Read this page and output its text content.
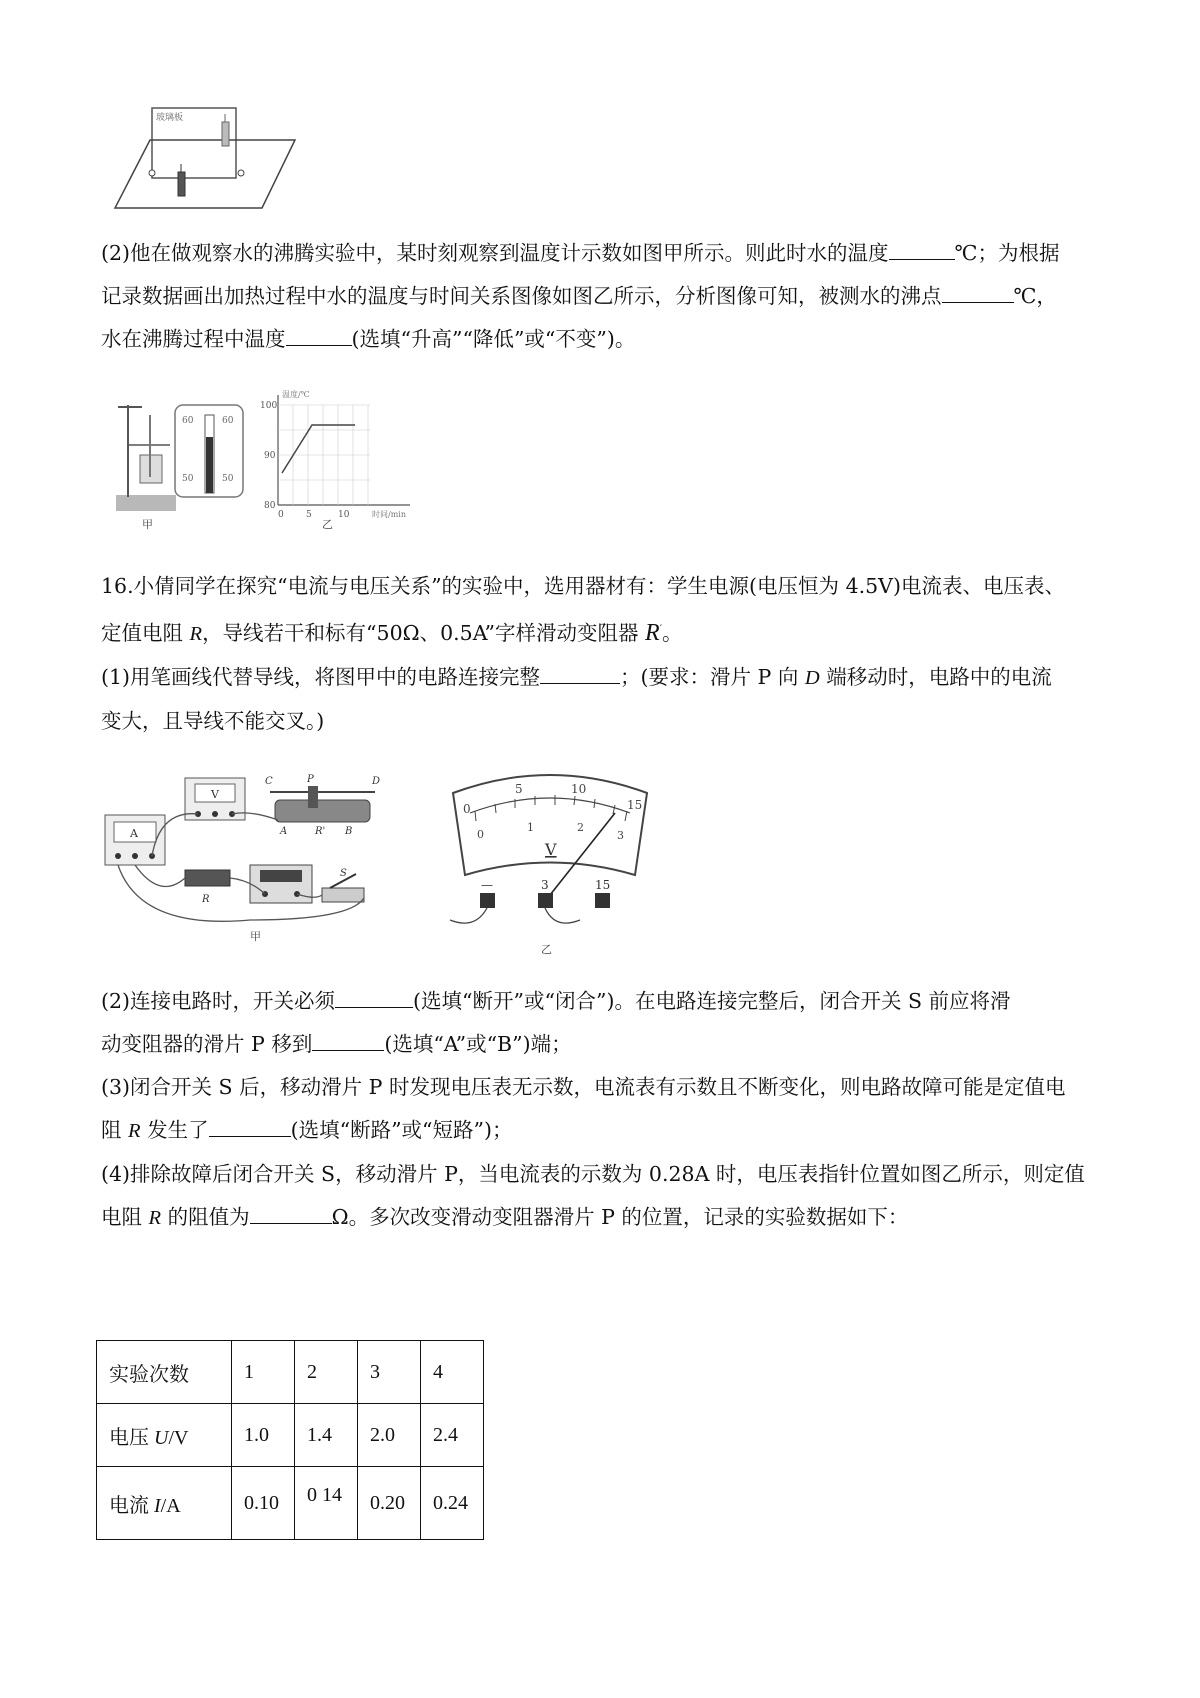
玻璃板

(2)他在做观察水的沸腾实验中，某时刻观察到温度计示数如图甲所示。则此时水的温度	℃；为根据
记录数据画出加热过程中水的温度与时间关系图像如图乙所示，分析图像可知，被测水的沸点	℃，
水在沸腾过程中温度	(选填“升高”“降低”或“不变”)。

甲
60	60
50	50
温度/℃
100
90
80
0 5	10	时间/min
乙

16.小倩同学在探究“电流与电压关系”的实验中，选用器材有：学生电源(电压恒为 4.5V)电流表、电压表、
定值电阻 R，导线若干和标有“50Ω、0.5A”字样滑动变阻器 R′。
(1)用笔画线代替导线，将图甲中的电路连接完整	；(要求：滑片 P 向 D 端移动时，电路中的电流
变大，且导线不能交叉。)

V
A
C	P	D
A	R' B
R
S
甲
0
5	10
15
0
1	2
3
V
—	3	15
乙

(2)连接电路时，开关必须	(选填“断开”或“闭合”)。在电路连接完整后，闭合开关 S 前应将滑
动变阻器的滑片 P 移到	(选填“A”或“B”)端；
(3)闭合开关 S 后，移动滑片 P 时发现电压表无示数，电流表有示数且不断变化，则电路故障可能是定值电
阻 R 发生了	(选填“断路”或“短路”)；
(4)排除故障后闭合开关 S，移动滑片 P，当电流表的示数为 0.28A 时，电压表指针位置如图乙所示，则定值
电阻 R 的阻值为	Ω。多次改变滑动变阻器滑片 P 的位置，记录的实验数据如下：

实验次数	1	2	3	4
电压 U/V	1.0	1.4	2.0	2.4
电流 I/A	0.10	0 14	0.20	0.24
